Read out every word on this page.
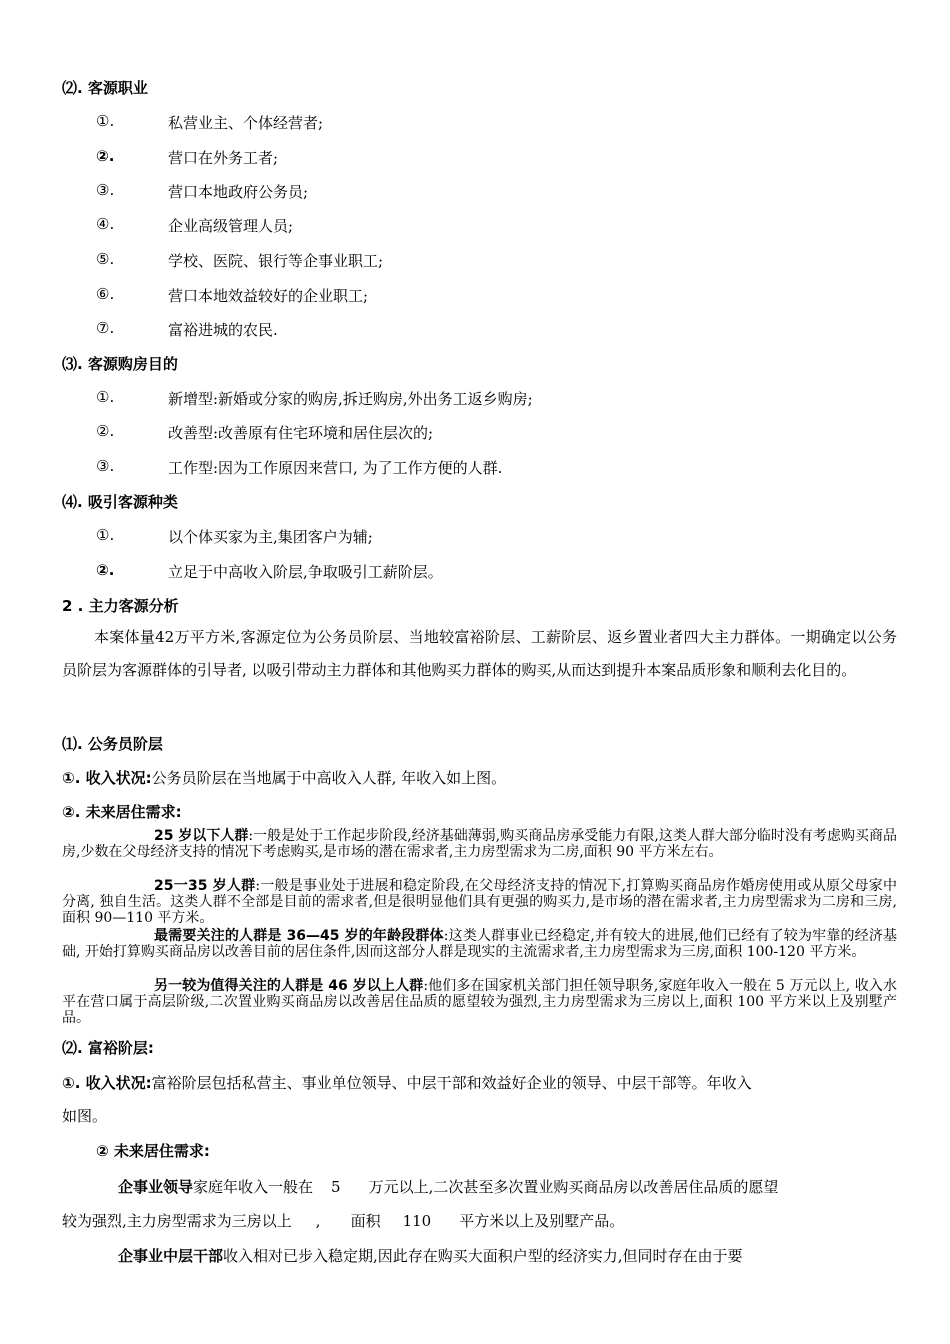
⑵. 客源职业
①.	私营业主、个体经营者;
②.	营口在外务工者;
③.	营口本地政府公务员;
④.	企业高级管理人员;
⑤.	学校、医院、银行等企事业职工;
⑥.	营口本地效益较好的企业职工;
⑦.	富裕进城的农民.
⑶. 客源购房目的
①.	新增型:新婚或分家的购房,拆迁购房,外出务工返乡购房;
②.	改善型:改善原有住宅环境和居住层次的;
③.	工作型:因为工作原因来营口, 为了工作方便的人群.
⑷. 吸引客源种类
①.	以个体买家为主,集团客户为辅;
②.	立足于中高收入阶层,争取吸引工薪阶层。
2 . 主力客源分析
本案体量42万平方米,客源定位为公务员阶层、当地较富裕阶层、工薪阶层、返乡置业者四大主力群体。一期确定以公务员阶层为客源群体的引导者, 以吸引带动主力群体和其他购买力群体的购买,从而达到提升本案品质形象和顺利去化目的。
⑴. 公务员阶层
①. 收入状况:公务员阶层在当地属于中高收入人群, 年收入如上图。
②. 未来居住需求:
25 岁以下人群:一般是处于工作起步阶段,经济基础薄弱,购买商品房承受能力有限,这类人群大部分临时没有考虑购买商品房,少数在父母经济支持的情况下考虑购买,是市场的潜在需求者,主力房型需求为二房,面积 90 平方米左右。
25一35 岁人群:一般是事业处于进展和稳定阶段,在父母经济支持的情况下,打算购买商品房作婚房使用或从原父母家中分离, 独自生活。这类人群不全部是目前的需求者,但是很明显他们具有更强的购买力,是市场的潜在需求者,主力房型需求为二房和三房,面积 90—110 平方米。
最需要关注的人群是 36—45 岁的年龄段群体:这类人群事业已经稳定,并有较大的进展,他们已经有了较为牢靠的经济基础, 开始打算购买商品房以改善目前的居住条件,因而这部分人群是现实的主流需求者,主力房型需求为三房,面积 100-120 平方米。
另一较为值得关注的人群是 46 岁以上人群:他们多在国家机关部门担任领导职务,家庭年收入一般在 5 万元以上, 收入水平在营口属于高层阶级,二次置业购买商品房以改善居住品质的愿望较为强烈,主力房型需求为三房以上,面积 100 平方米以上及别墅产品。
⑵. 富裕阶层:
①. 收入状况:富裕阶层包括私营主、事业单位领导、中层干部和效益好企业的领导、中层干部等。年收入
如图。
② 未来居住需求:
企事业领导家庭年收入一般在 5 万元以上,二次甚至多次置业购买商品房以改善居住品质的愿望
较为强烈,主力房型需求为三房以上 , 面积 110 平方米以上及别墅产品。
企事业中层干部收入相对已步入稳定期,因此存在购买大面积户型的经济实力,但同时存在由于要
